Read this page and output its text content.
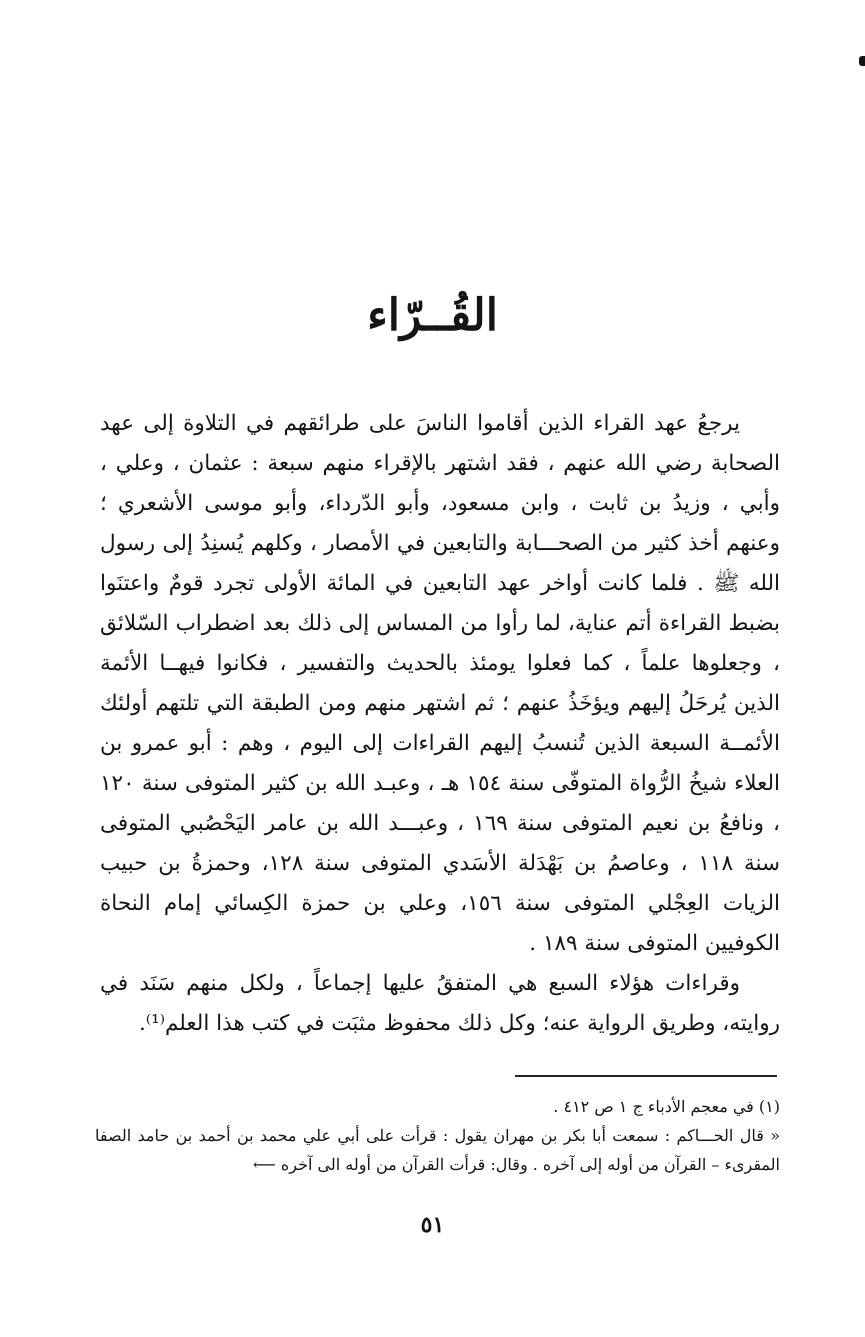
القُــرّاء

يرجعُ عهد القراء الذين أقاموا الناسَ على طرائقهم في التلاوة إلى عهد الصحابة رضي الله عنهم ، فقد اشتهر بالإقراء منهم سبعة : عثمان ، وعلي ، وأبي ، وزيدُ بن ثابت ، وابن مسعود، وأبو الدّرداء، وأبو موسى الأشعري ؛ وعنهم أخذ كثير من الصحـــابة والتابعين في الأمصار ، وكلهم يُسنِدُ إلى رسول الله ﷺ . فلما كانت أواخر عهد التابعين في المائة الأولى تجرد قومٌ واعتنَوا بضبط القراءة أتم عناية، لما رأوا من المساس إلى ذلك بعد اضطراب السّلائق ، وجعلوها علماً ، كما فعلوا يومئذ بالحديث والتفسير ، فكانوا فيهــا الأئمة الذين يُرحَلُ إليهم ويؤخَذُ عنهم ؛ ثم اشتهر منهم ومن الطبقة التي تلتهم أولئك الأئمــة السبعة الذين تُنسبُ إليهم القراءات إلى اليوم ، وهم : أبو عمرو بن العلاء شيخُ الرُّواة المتوفّى سنة ١٥٤ هـ ، وعبـد الله بن كثير المتوفى سنة ١٢٠ ، ونافعُ بن نعيم المتوفى سنة ١٦٩ ، وعبـــد الله بن عامر اليَحْصُبي المتوفى سنة ١١٨ ، وعاصمُ بن بَهْدَلة الأسَدي المتوفى سنة ١٢٨، وحمزةُ بن حبيب الزيات العِجْلي المتوفى سنة ١٥٦، وعلي بن حمزة الكِسائي إمام النحاة الكوفيين المتوفى سنة ١٨٩ .

وقراءات هؤلاء السبع هي المتفقُ عليها إجماعاً ، ولكل منهم سَنَد في روايته، وطريق الرواية عنه؛ وكل ذلك محفوظ مثبَت في كتب هذا العلم⁽¹⁾.

(١) في معجم الأدباء ج ١ ص ٤١٢ .

« قال الحـــاكم : سمعت أبا بكر بن مهران يقول : قرأت على أبي علي محمد بن أحمد بن حامد الصفا المقرىء – القرآن من أوله إلى آخره . وقال: قرأت القرآن من أوله الى آخره ⟵

٥١
